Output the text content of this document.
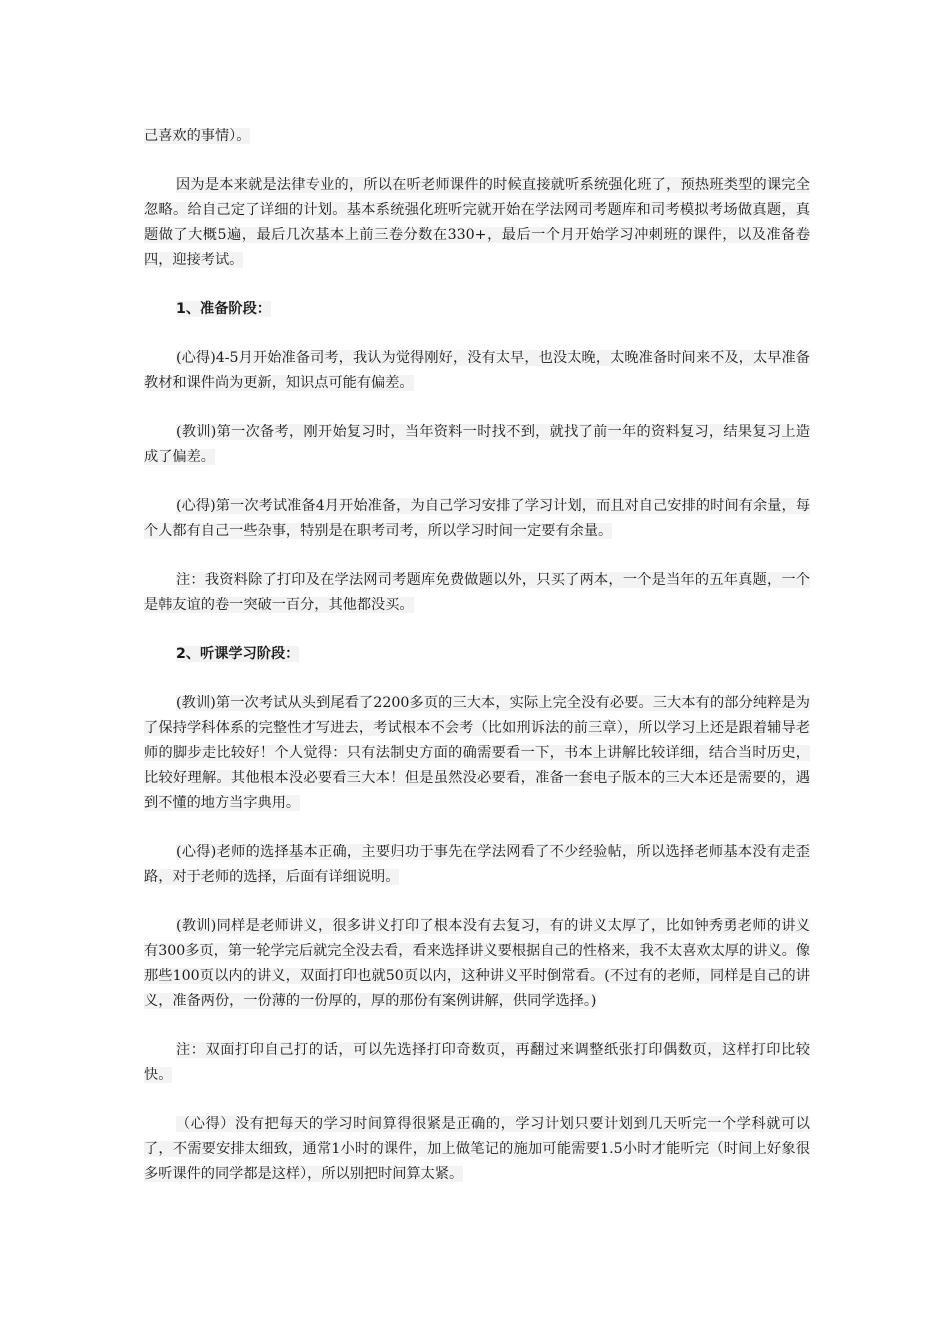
己喜欢的事情）。

因为是本来就是法律专业的，所以在听老师课件的时候直接就听系统强化班了，预热班类型的课完全忽略。给自己定了详细的计划。基本系统强化班听完就开始在学法网司考题库和司考模拟考场做真题，真题做了大概5遍，最后几次基本上前三卷分数在330+，最后一个月开始学习冲刺班的课件，以及准备卷四，迎接考试。

1、准备阶段：

(心得)4-5月开始准备司考，我认为觉得刚好，没有太早，也没太晚，太晚准备时间来不及，太早准备教材和课件尚为更新，知识点可能有偏差。

(教训)第一次备考，刚开始复习时，当年资料一时找不到，就找了前一年的资料复习，结果复习上造成了偏差。

(心得)第一次考试准备4月开始准备，为自己学习安排了学习计划，而且对自己安排的时间有余量，每个人都有自己一些杂事，特别是在职考司考，所以学习时间一定要有余量。

注：我资料除了打印及在学法网司考题库免费做题以外，只买了两本，一个是当年的五年真题，一个是韩友谊的卷一突破一百分，其他都没买。

2、听课学习阶段：

(教训)第一次考试从头到尾看了2200多页的三大本，实际上完全没有必要。三大本有的部分纯粹是为了保持学科体系的完整性才写进去，考试根本不会考（比如刑诉法的前三章），所以学习上还是跟着辅导老师的脚步走比较好！个人觉得：只有法制史方面的确需要看一下，书本上讲解比较详细，结合当时历史，比较好理解。其他根本没必要看三大本！但是虽然没必要看，准备一套电子版本的三大本还是需要的，遇到不懂的地方当字典用。

(心得)老师的选择基本正确，主要归功于事先在学法网看了不少经验帖，所以选择老师基本没有走歪路，对于老师的选择，后面有详细说明。

(教训)同样是老师讲义，很多讲义打印了根本没有去复习，有的讲义太厚了，比如钟秀勇老师的讲义有300多页，第一轮学完后就完全没去看，看来选择讲义要根据自己的性格来，我不太喜欢太厚的讲义。像那些100页以内的讲义，双面打印也就50页以内，这种讲义平时倒常看。(不过有的老师，同样是自己的讲义，准备两份，一份薄的一份厚的，厚的那份有案例讲解，供同学选择。)

注：双面打印自己打的话，可以先选择打印奇数页，再翻过来调整纸张打印偶数页，这样打印比较快。

（心得）没有把每天的学习时间算得很紧是正确的，学习计划只要计划到几天听完一个学科就可以了，不需要安排太细致，通常1小时的课件，加上做笔记的施加可能需要1.5小时才能听完（时间上好象很多听课件的同学都是这样），所以别把时间算太紧。
